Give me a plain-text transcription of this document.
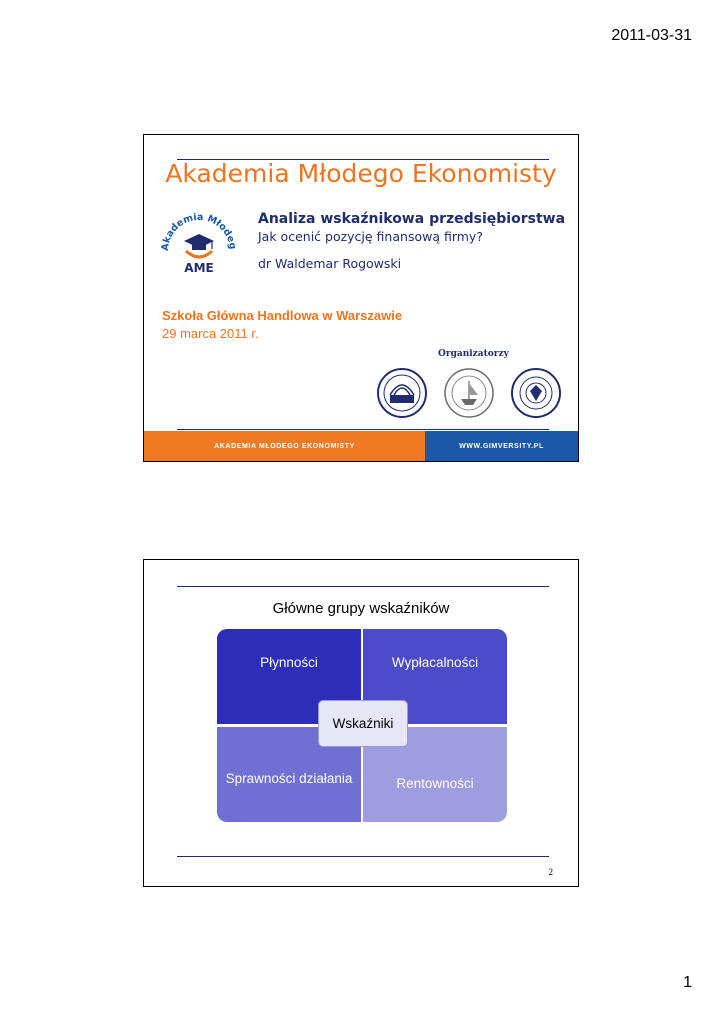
2011-03-31
Akademia Młodego Ekonomisty
Akademia Młodeg
AME
Analiza wskaźnikowa przedsiębiorstwa
Jak ocenić pozycję finansową firmy?
dr Waldemar Rogowski
Szkoła Główna Handlowa w Warszawie
29 marca 2011 r.
Organizatorzy
AKADEMIA MŁODEGO EKONOMISTY	WWW.GIMVERSITY.PL
Główne grupy wskaźników
Płynności	Wypłacalności
Sprawności działania	Rentowności
Wskaźniki
2
1
